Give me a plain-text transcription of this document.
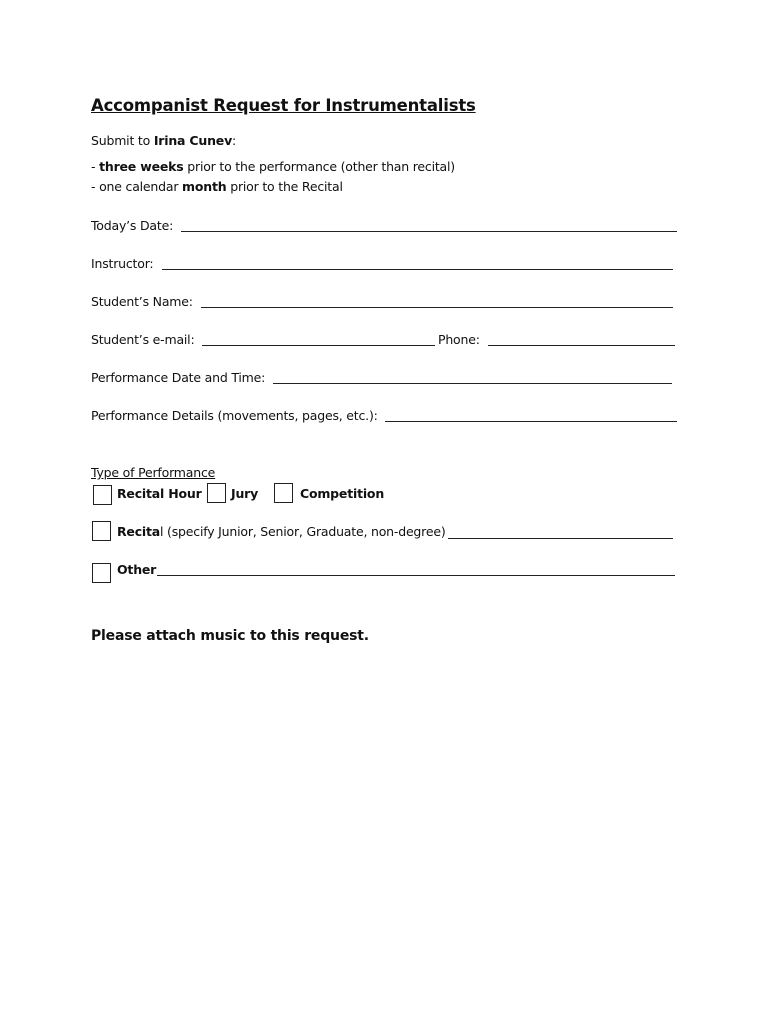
Accompanist Request for Instrumentalists
Submit to Irina Cunev:
- three weeks prior to the performance (other than recital)
- one calendar month prior to the Recital
Today’s Date:
Instructor:
Student’s Name:
Student’s e-mail:	Phone:
Performance Date and Time:
Performance Details (movements, pages, etc.):
Type of Performance
Recital Hour Jury	Competition
Recital (specify Junior, Senior, Graduate, non-degree)
Other
Please attach music to this request.
